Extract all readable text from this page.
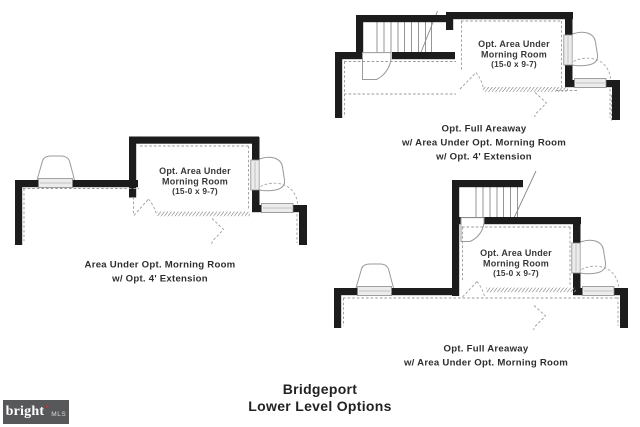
Opt. Area Under
Morning Room
(15-0 x 9-7)
Opt. Full Areaway
w/ Area Under Opt. Morning Room
w/ Opt. 4' Extension
Opt. Area Under
Morning Room
(15-0 x 9-7)
Area Under Opt. Morning Room
w/ Opt. 4' Extension
Opt. Area Under
Morning Room
(15-0 x 9-7)
Opt. Full Areaway
w/ Area Under Opt. Morning Room
Bridgeport
Lower Level Options
bright MLS
